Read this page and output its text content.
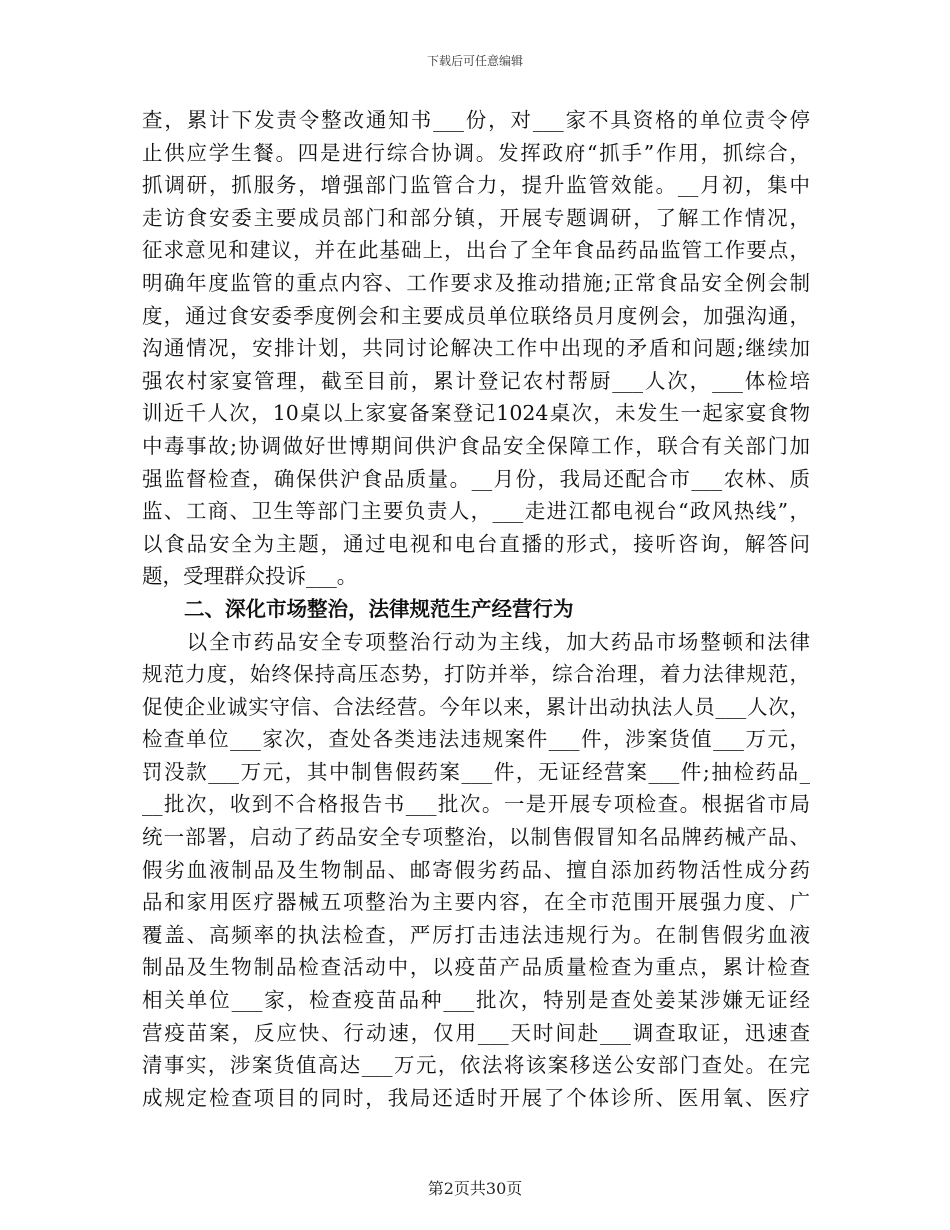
下载后可任意编辑

查，累计下发责令整改通知书___份，对___家不具资格的单位责令停

止供应学生餐。四是进行综合协调。发挥政府“抓手”作用，抓综合，

抓调研，抓服务，增强部门监管合力，提升监管效能。__月初，集中

走访食安委主要成员部门和部分镇，开展专题调研，了解工作情况，

征求意见和建议，并在此基础上，出台了全年食品药品监管工作要点，

明确年度监管的重点内容、工作要求及推动措施;正常食品安全例会制

度，通过食安委季度例会和主要成员单位联络员月度例会，加强沟通，

沟通情况，安排计划，共同讨论解决工作中出现的矛盾和问题;继续加

强农村家宴管理，截至目前，累计登记农村帮厨___人次，___体检培

训近千人次，10桌以上家宴备案登记1024桌次，未发生一起家宴食物

中毒事故;协调做好世博期间供沪食品安全保障工作，联合有关部门加

强监督检查，确保供沪食品质量。__月份，我局还配合市___农林、质

监、工商、卫生等部门主要负责人，___走进江都电视台“政风热线”，

以食品安全为主题，通过电视和电台直播的形式，接听咨询，解答问

题，受理群众投诉___。

二、深化市场整治，法律规范生产经营行为

　　以全市药品安全专项整治行动为主线，加大药品市场整顿和法律

规范力度，始终保持高压态势，打防并举，综合治理，着力法律规范，

促使企业诚实守信、合法经营。今年以来，累计出动执法人员___人次，

检查单位___家次，查处各类违法违规案件___件，涉案货值___万元，

罚没款___万元，其中制售假药案___件，无证经营案___件;抽检药品_

__批次，收到不合格报告书___批次。一是开展专项检查。根据省市局

统一部署，启动了药品安全专项整治，以制售假冒知名品牌药械产品、

假劣血液制品及生物制品、邮寄假劣药品、擅自添加药物活性成分药

品和家用医疗器械五项整治为主要内容，在全市范围开展强力度、广

覆盖、高频率的执法检查，严厉打击违法违规行为。在制售假劣血液

制品及生物制品检查活动中，以疫苗产品质量检查为重点，累计检查

相关单位___家，检查疫苗品种___批次，特别是查处姜某涉嫌无证经

营疫苗案，反应快、行动速，仅用___天时间赴___调查取证，迅速查

清事实，涉案货值高达___万元，依法将该案移送公安部门查处。在完

成规定检查项目的同时，我局还适时开展了个体诊所、医用氧、医疗

第2页共30页
